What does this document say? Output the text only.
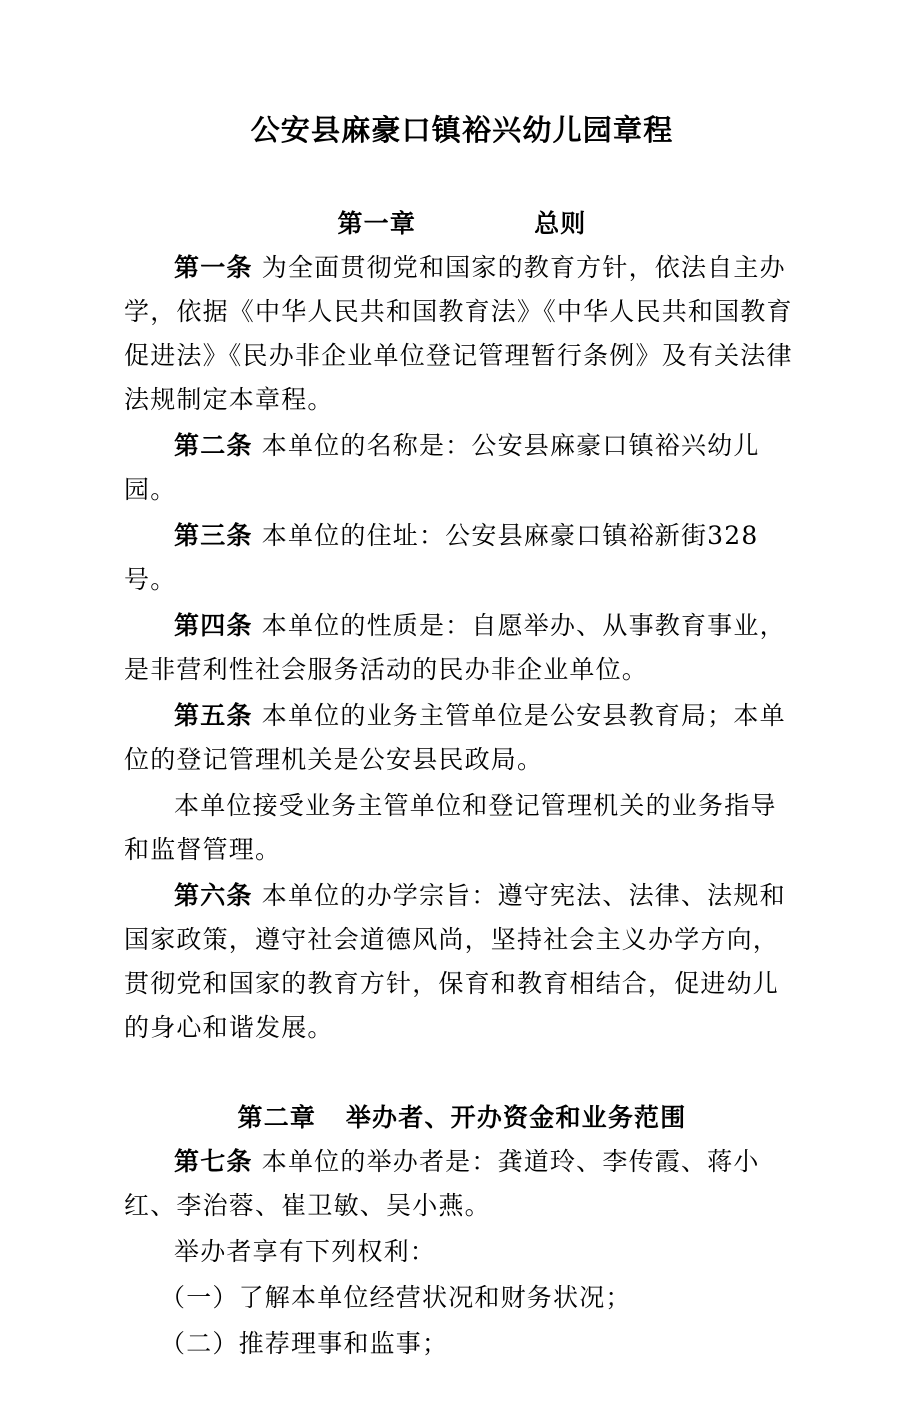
公安县麻豪口镇裕兴幼儿园章程
第一章	总则

第一条 为全面贯彻党和国家的教育方针，依法自主办学，依据《中华人民共和国教育法》《中华人民共和国教育促进法》《民办非企业单位登记管理暂行条例》及有关法律法规制定本章程。

第二条 本单位的名称是：公安县麻豪口镇裕兴幼儿园。

第三条 本单位的住址：公安县麻豪口镇裕新街328号。

第四条 本单位的性质是：自愿举办、从事教育事业，是非营利性社会服务活动的民办非企业单位。

第五条 本单位的业务主管单位是公安县教育局；本单位的登记管理机关是公安县民政局。

本单位接受业务主管单位和登记管理机关的业务指导和监督管理。

第六条 本单位的办学宗旨：遵守宪法、法律、法规和国家政策，遵守社会道德风尚，坚持社会主义办学方向，贯彻党和国家的教育方针，保育和教育相结合，促进幼儿的身心和谐发展。

第二章 举办者、开办资金和业务范围

第七条 本单位的举办者是：龚道玲、李传霞、蒋小红、李治蓉、崔卫敏、吴小燕。

举办者享有下列权利：

（一）了解本单位经营状况和财务状况；

（二）推荐理事和监事；
